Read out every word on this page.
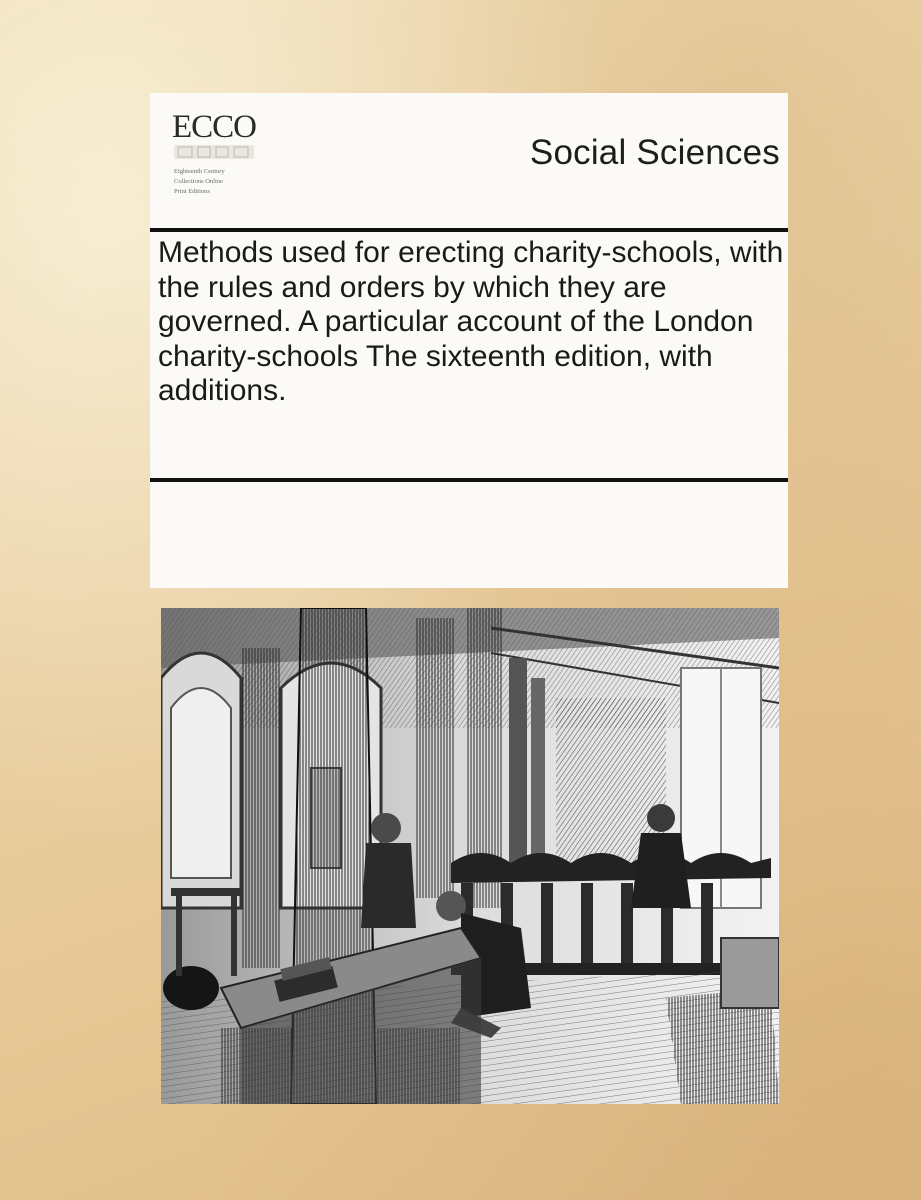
ECCO
Eighteenth Century
Collections Online
Print Editions
Social Sciences
Methods used for erecting charity-schools, with the rules and orders by which they are governed. A particular account of the London charity-schools The sixteenth edition, with additions.
